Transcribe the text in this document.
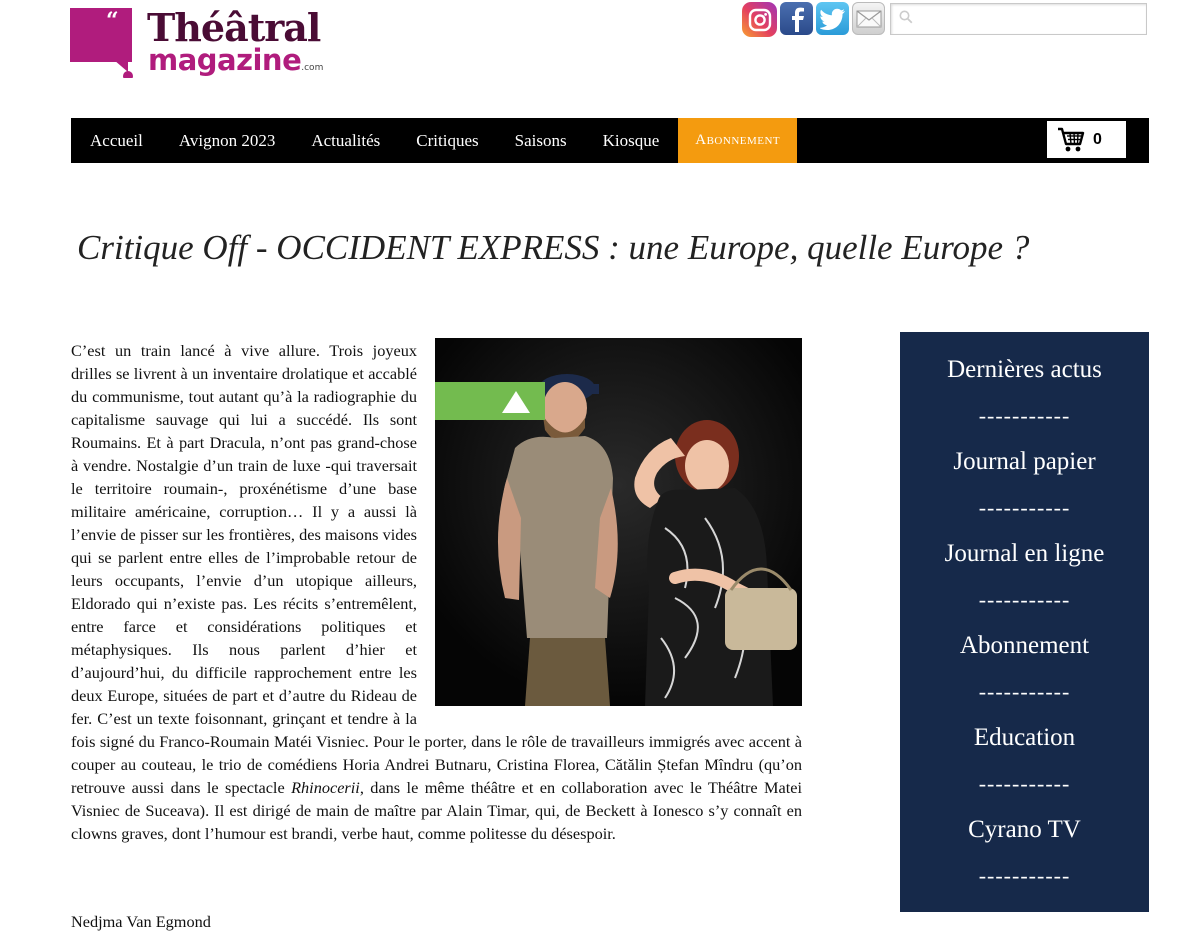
“ Théâtral
magazine.com
Accueil	Avignon 2023	Actualités	Critiques	Saisons	Kiosque	Abonnement	0
Critique Off - OCCIDENT EXPRESS : une Europe, quelle Europe ?

C’est un train lancé à vive allure. Trois joyeux drilles se livrent à un inventaire drolatique et accablé du communisme, tout autant qu’à la radiographie du capitalisme sauvage qui lui a succédé. Ils sont Roumains. Et à part Dracula, n’ont pas grand-chose à vendre. Nostalgie d’un train de luxe -qui traversait le territoire roumain-, proxénétisme d’une base militaire américaine, corruption… Il y a aussi là l’envie de pisser sur les frontières, des maisons vides qui se parlent entre elles de l’improbable retour de leurs occupants, l’envie d’un utopique ailleurs, Eldorado qui n’existe pas. Les récits s’entremêlent, entre farce et considérations politiques et métaphysiques. Ils nous parlent d’hier et d’aujourd’hui, du difficile rapprochement entre les deux Europe, situées de part et d’autre du Rideau de fer. C’est un texte foisonnant, grinçant et tendre à la fois signé du Franco-Roumain Matéi Visniec. Pour le porter, dans le rôle de travailleurs immigrés avec accent à couper au couteau, le trio de comédiens Horia Andrei Butnaru, Cristina Florea, Cătălin Ștefan Mîndru (qu’on retrouve aussi dans le spectacle Rhinocerii, dans le même théâtre et en collaboration avec le Théâtre Matei Visniec de Suceava). Il est dirigé de main de maître par Alain Timar, qui, de Beckett à Ionesco s’y connaît en clowns graves, dont l’humour est brandi, verbe haut, comme politesse du désespoir.

Nedjma Van Egmond
Dernières actus
-----------
Journal papier
-----------
Journal en ligne
-----------
Abonnement
-----------
Education
-----------
Cyrano TV
-----------
